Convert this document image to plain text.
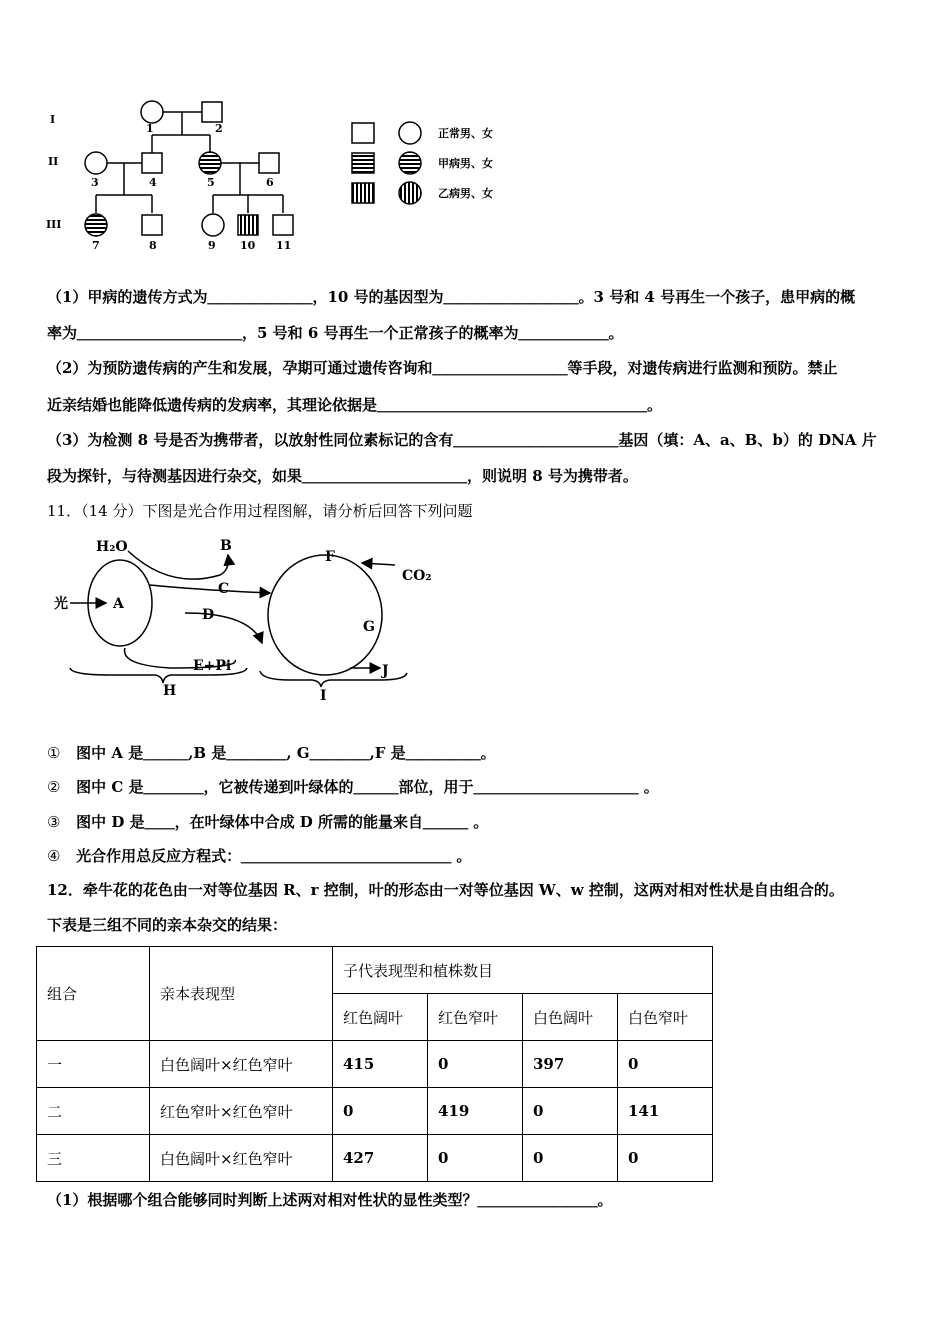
I
II
III
1	2
3	4	5	6
7	8	9 10 11
正常男、女
甲病男、女
乙病男、女
（1）甲病的遗传方式为＿＿＿＿＿＿＿，10 号的基因型为＿＿＿＿＿＿＿＿＿。3 号和 4 号再生一个孩子，患甲病的概
率为＿＿＿＿＿＿＿＿＿＿＿，5 号和 6 号再生一个正常孩子的概率为＿＿＿＿＿＿。
（2）为预防遗传病的产生和发展，孕期可通过遗传咨询和＿＿＿＿＿＿＿＿＿等手段，对遗传病进行监测和预防。禁止
近亲结婚也能降低遗传病的发病率，其理论依据是＿＿＿＿＿＿＿＿＿＿＿＿＿＿＿＿＿＿。
（3）为检测 8 号是否为携带者，以放射性同位素标记的含有＿＿＿＿＿＿＿＿＿＿＿基因（填：A、a、B、b）的 DNA 片
段为探针，与待测基因进行杂交，如果＿＿＿＿＿＿＿＿＿＿＿，则说明 8 号为携带者。
11．（14 分）下图是光合作用过程图解，请分析后回答下列问题
H₂O	B
C
光	A
D
E+Pi
H
F
CO₂
G
J
I
① 图中 A 是＿＿＿,B 是＿＿＿＿, G＿＿＿＿,F 是＿＿＿＿＿。
② 图中 C 是＿＿＿＿，它被传递到叶绿体的＿＿＿部位，用于＿＿＿＿＿＿＿＿＿＿＿ 。
③ 图中 D 是＿＿，在叶绿体中合成 D 所需的能量来自＿＿＿ 。
④ 光合作用总反应方程式：＿＿＿＿＿＿＿＿＿＿＿＿＿＿ 。
12．牵牛花的花色由一对等位基因 R、r 控制，叶的形态由一对等位基因 W、w 控制，这两对相对性状是自由组合的。
下表是三组不同的亲本杂交的结果：
组合	亲本表现型	子代表现型和植株数目			
		红色阔叶	红色窄叶	白色阔叶	白色窄叶
一	白色阔叶×红色窄叶	415	0	397	0
二	红色窄叶×红色窄叶	0	419	0	141
三	白色阔叶×红色窄叶	427	0	0	0
（1）根据哪个组合能够同时判断上述两对相对性状的显性类型？＿＿＿＿＿＿＿＿。
